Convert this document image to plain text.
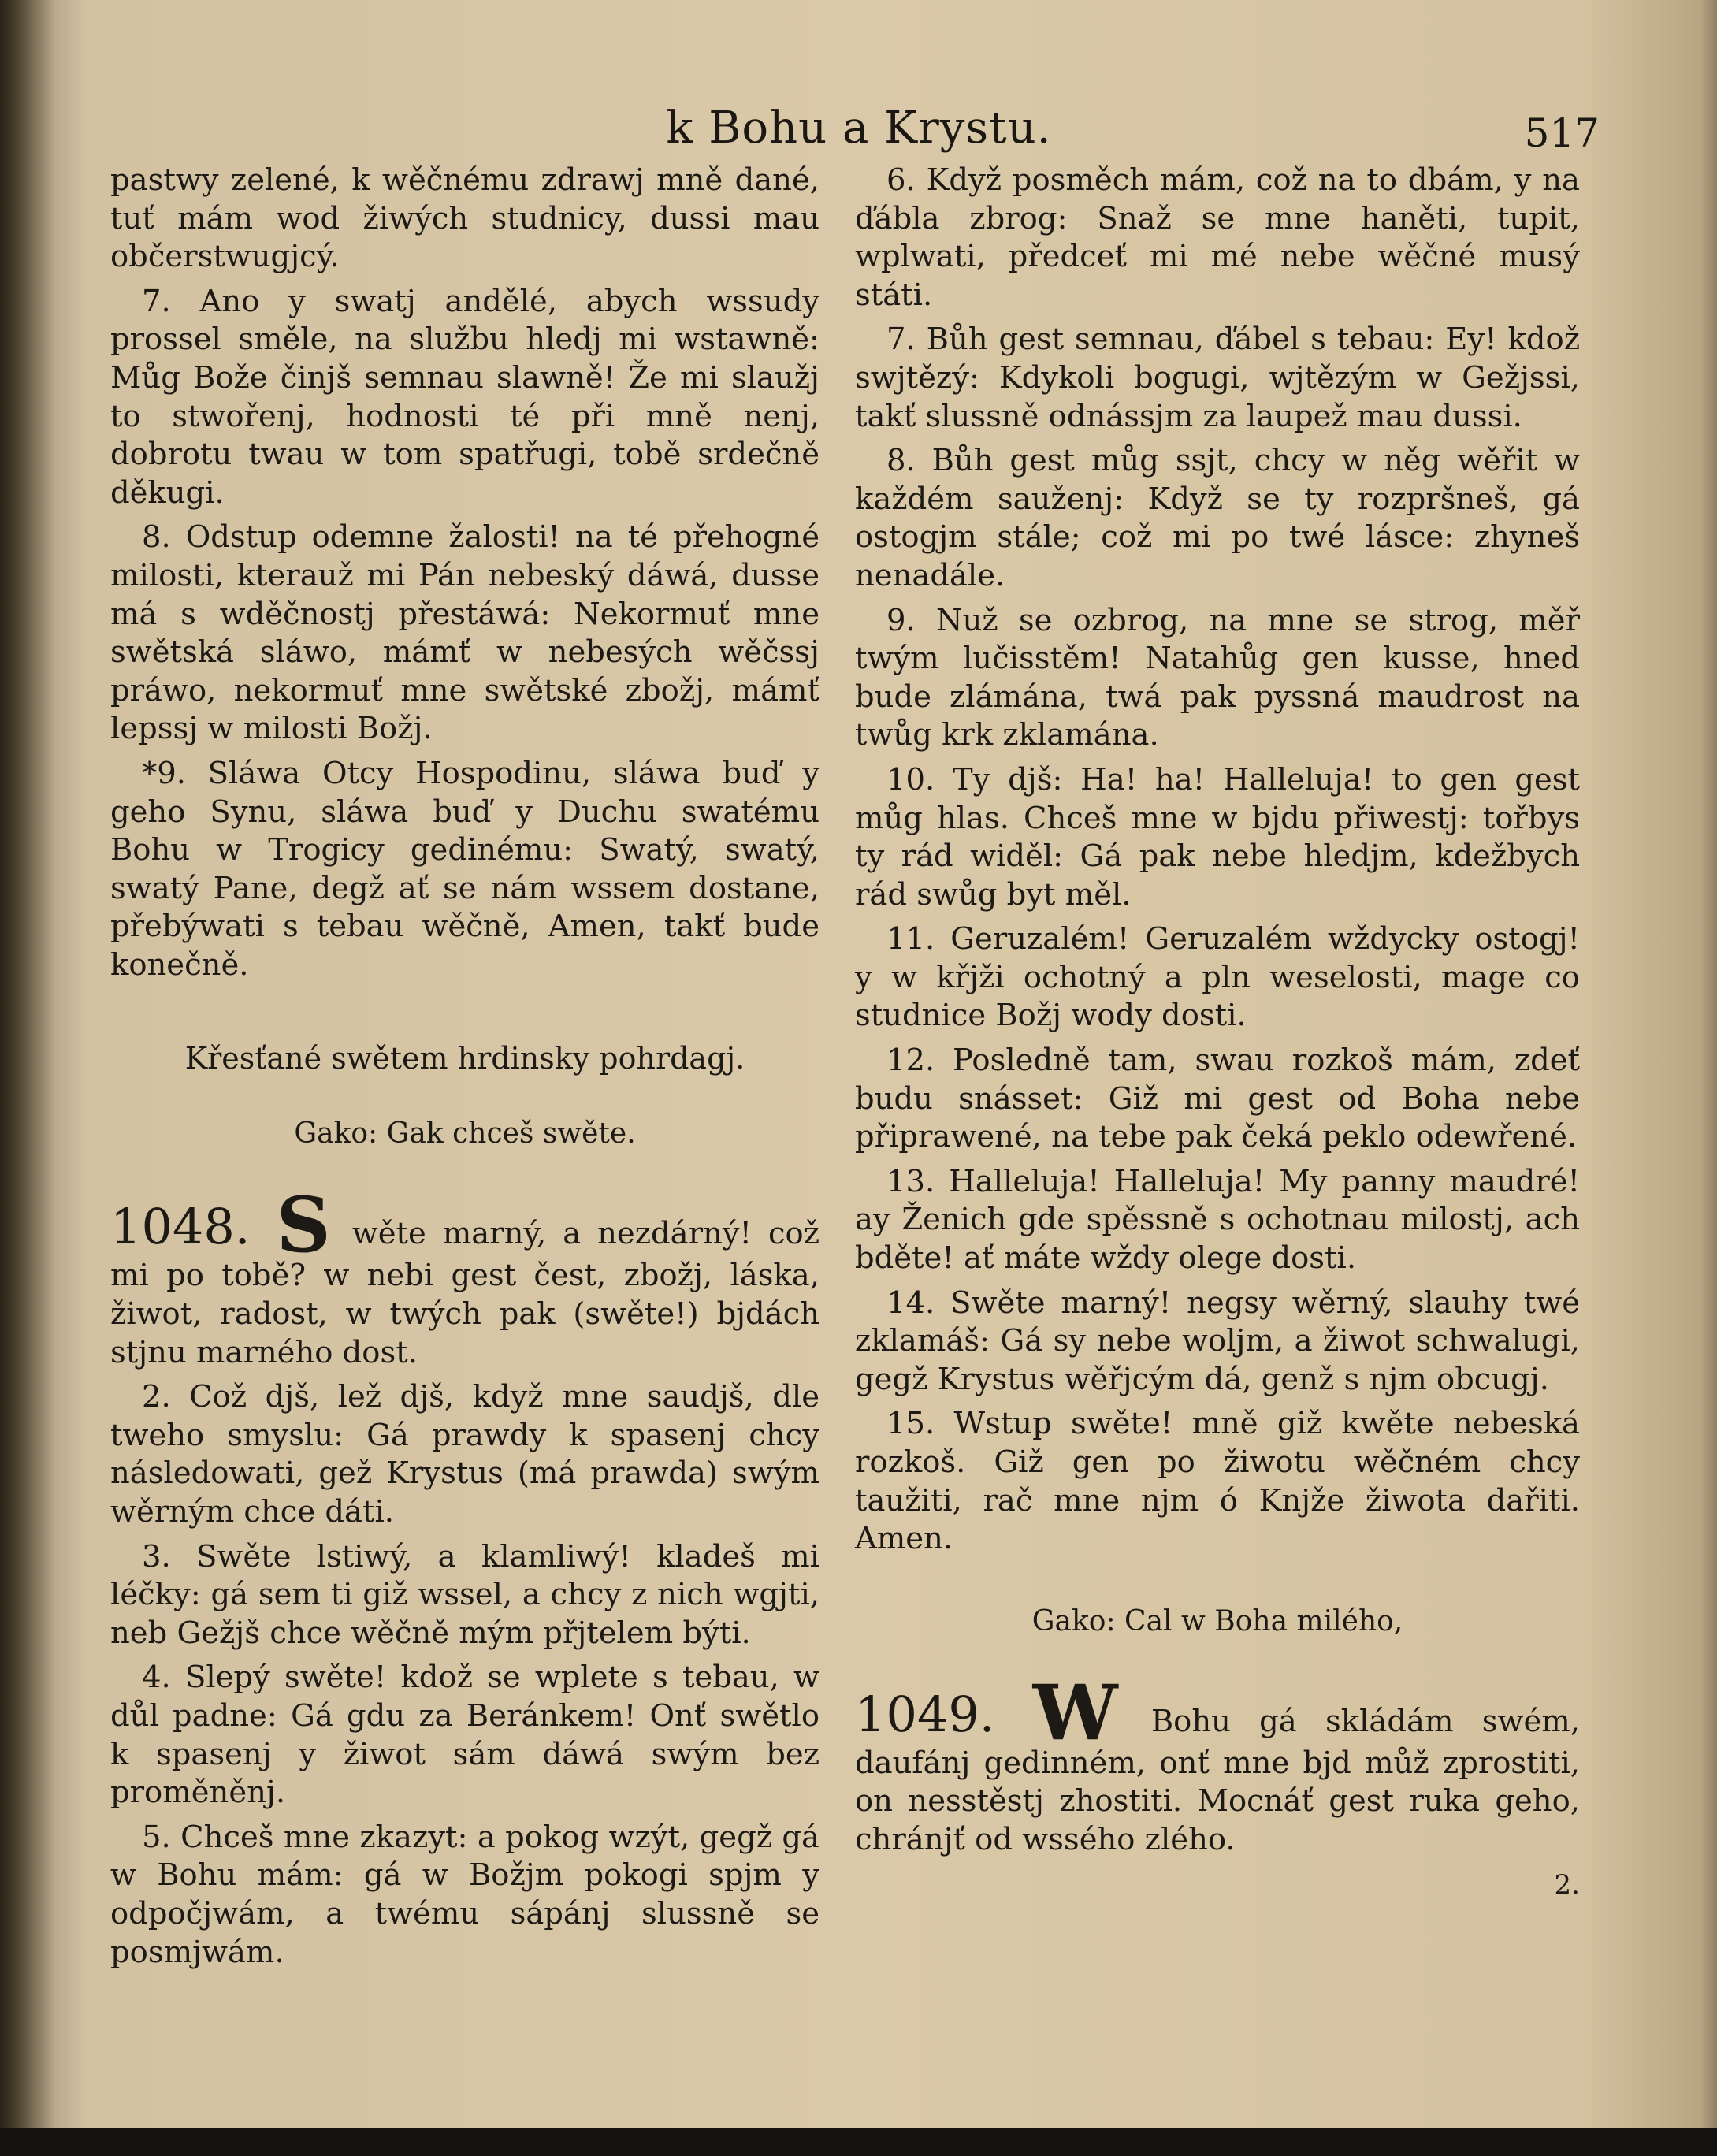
k Bohu a Krystu.	517

pastwy zelené, k wěčnému zdrawj mně dané, tuť mám wod žiwých studnicy, dussi mau občerstwugjcý.

7. Ano y swatj andělé, abych wssudy prossel směle, na službu hledj mi wstawně: Můg Bože činjš semnau slawně! Že mi slaužj to stwořenj, hodnosti té při mně nenj, dobrotu twau w tom spatřugi, tobě srdečně děkugi.

8. Odstup odemne žalosti! na té přehogné milosti, kterauž mi Pán nebeský dáwá, dusse má s wděčnostj přestáwá: Nekormuť mne swětská sláwo, mámť w nebesých wěčssj práwo, nekormuť mne swětské zbožj, mámť lepssj w milosti Božj.

*9. Sláwa Otcy Hospodinu, sláwa buď y geho Synu, sláwa buď y Duchu swatému Bohu w Trogicy gedinému: Swatý, swatý, swatý Pane, degž ať se nám wssem dostane, přebýwati s tebau wěčně, Amen, takť bude konečně.

Křesťané swětem hrdinsky pohrdagj.
Gako: Gak chceš swěte.

1048. S wěte marný, a nezdárný! což mi po tobě? w nebi gest čest, zbožj, láska, žiwot, radost, w twých pak (swěte!) bjdách stjnu marného dost.

2. Což djš, lež djš, když mne saudjš, dle tweho smyslu: Gá prawdy k spasenj chcy následowati, gež Krystus (má prawda) swým wěrným chce dáti.

3. Swěte lstiwý, a klamliwý! kladeš mi léčky: gá sem ti giž wssel, a chcy z nich wgjti, neb Gežjš chce wěčně mým přjtelem býti.

4. Slepý swěte! kdož se wplete s tebau, w důl padne: Gá gdu za Beránkem! Onť swětlo k spasenj y žiwot sám dáwá swým bez proměněnj.

5. Chceš mne zkazyt: a pokog wzýt, gegž gá w Bohu mám: gá w Božjm pokogi spjm y odpočjwám, a twému sápánj slussně se posmjwám.

6. Když posměch mám, což na to dbám, y na ďábla zbrog: Snaž se mne haněti, tupit, wplwati, předceť mi mé nebe wěčné musý státi.

7. Bůh gest semnau, ďábel s tebau: Ey! kdož swjtězý: Kdykoli bogugi, wjtězým w Gežjssi, takť slussně odnássjm za laupež mau dussi.

8. Bůh gest můg ssjt, chcy w něg wěřit w každém sauženj: Když se ty rozpršneš, gá ostogjm stále; což mi po twé lásce: zhyneš nenadále.

9. Nuž se ozbrog, na mne se strog, měř twým lučisstěm! Natahůg gen kusse, hned bude zlámána, twá pak pyssná maudrost na twůg krk zklamána.

10. Ty djš: Ha! ha! Halleluja! to gen gest můg hlas. Chceš mne w bjdu přiwestj: tořbys ty rád widěl: Gá pak nebe hledjm, kdežbych rád swůg byt měl.

11. Geruzalém! Geruzalém wždycky ostogj! y w křjži ochotný a pln weselosti, mage co studnice Božj wody dosti.

12. Posledně tam, swau rozkoš mám, zdeť budu snásset: Giž mi gest od Boha nebe připrawené, na tebe pak čeká peklo odewřené.

13. Halleluja! Halleluja! My panny maudré! ay Ženich gde spěssně s ochotnau milostj, ach bděte! ať máte wždy olege dosti.

14. Swěte marný! negsy wěrný, slauhy twé zklamáš: Gá sy nebe woljm, a žiwot schwalugi, gegž Krystus wěřjcým dá, genž s njm obcugj.

15. Wstup swěte! mně giž kwěte nebeská rozkoš. Giž gen po žiwotu wěčném chcy taužiti, rač mne njm ó Knjže žiwota dařiti. Amen.

Gako: Cal w Boha milého,

1049. W Bohu gá skládám swém, daufánj gedinném, onť mne bjd můž zprostiti, on nesstěstj zhostiti. Mocnáť gest ruka geho, chránjť od wssého zlého.

2.
